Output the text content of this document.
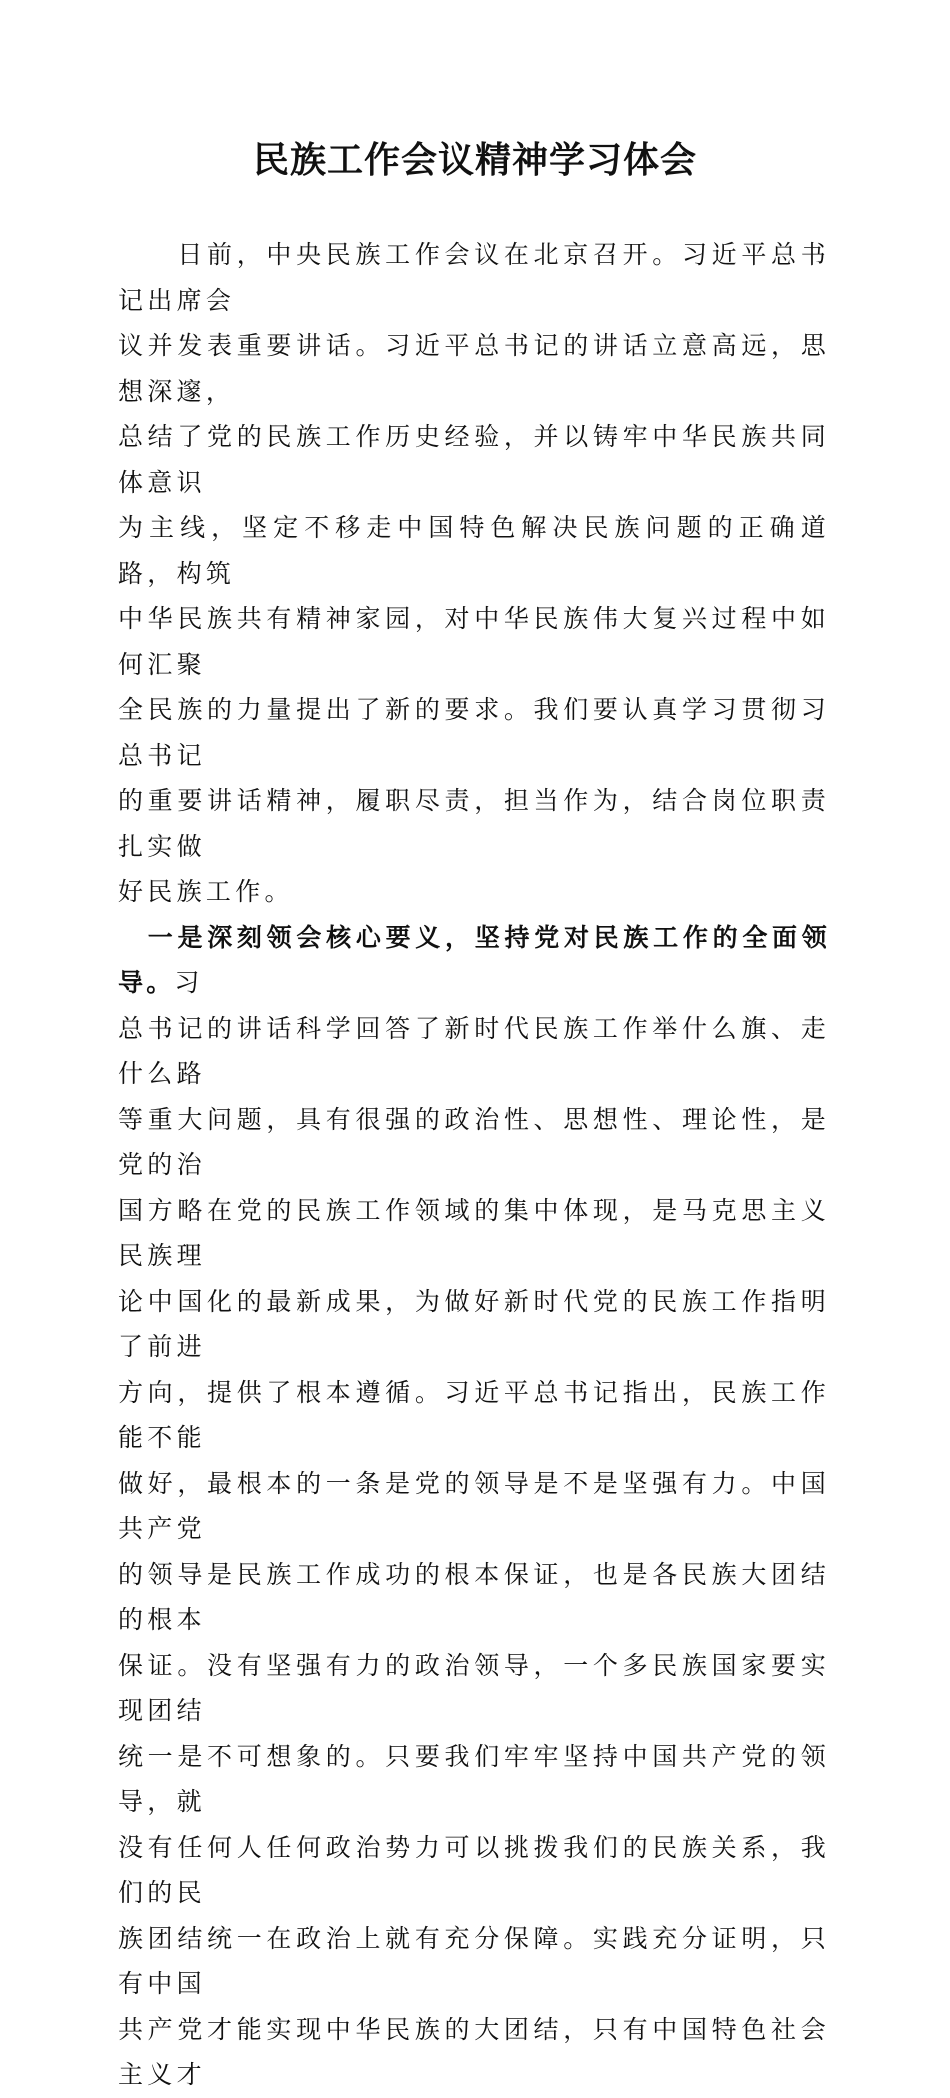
民族工作会议精神学习体会

　　日前，中央民族工作会议在北京召开。习近平总书记出席会
议并发表重要讲话。习近平总书记的讲话立意高远，思想深邃，
总结了党的民族工作历史经验，并以铸牢中华民族共同体意识
为主线，坚定不移走中国特色解决民族问题的正确道路，构筑
中华民族共有精神家园，对中华民族伟大复兴过程中如何汇聚
全民族的力量提出了新的要求。我们要认真学习贯彻习总书记
的重要讲话精神，履职尽责，担当作为，结合岗位职责扎实做
好民族工作。

　一是深刻领会核心要义，坚持党对民族工作的全面领导。习
总书记的讲话科学回答了新时代民族工作举什么旗、走什么路
等重大问题，具有很强的政治性、思想性、理论性，是党的治
国方略在党的民族工作领域的集中体现，是马克思主义民族理
论中国化的最新成果，为做好新时代党的民族工作指明了前进
方向，提供了根本遵循。习近平总书记指出，民族工作能不能
做好，最根本的一条是党的领导是不是坚强有力。中国共产党
的领导是民族工作成功的根本保证，也是各民族大团结的根本
保证。没有坚强有力的政治领导，一个多民族国家要实现团结
统一是不可想象的。只要我们牢牢坚持中国共产党的领导，就
没有任何人任何政治势力可以挑拨我们的民族关系，我们的民
族团结统一在政治上就有充分保障。实践充分证明，只有中国
共产党才能实现中华民族的大团结，只有中国特色社会主义才
